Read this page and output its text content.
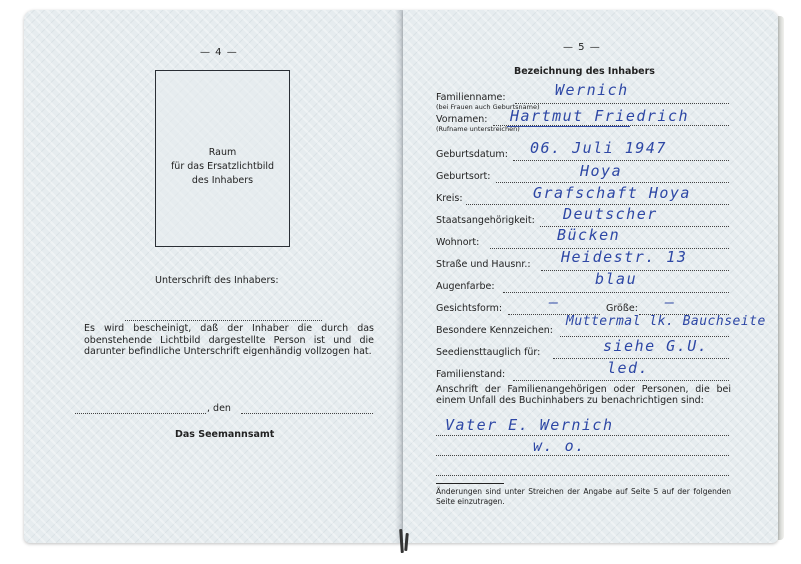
— 4 —
Raum
für das Ersatzlichtbild
des Inhabers
Unterschrift des Inhabers:
Es wird bescheinigt, daß der Inhaber die durch das obenstehende Lichtbild dargestellte Person ist und die darunter befindliche Unterschrift eigenhändig vollzogen hat.
, den
Das Seemannsamt
— 5 —
Bezeichnung des Inhabers
Familienname:
(bei Frauen auch Geburtsname)
Wernich
Vornamen:
(Rufname unterstreichen)
Hartmut Friedrich
Geburtsdatum: 06. Juli 1947
Geburtsort:	Hoya
Kreis:	Grafschaft Hoya
Staatsangehörigkeit: Deutscher
Wohnort:	Bücken
Straße und Hausnr.: Heidestr. 13
Augenfarbe:	blau
Gesichtsform:	—	Größe: —
Besondere Kennzeichen:
Muttermal lk. Bauchseite
Seediensttauglich für:	siehe G.U.
Familienstand:	led.
Anschrift der Familienangehörigen oder Personen, die bei einem Unfall des Buchinhabers zu benachrichtigen sind:
Vater E. Wernich
w. o.
Änderungen sind unter Streichen der Angabe auf Seite 5 auf der folgenden Seite einzutragen.
